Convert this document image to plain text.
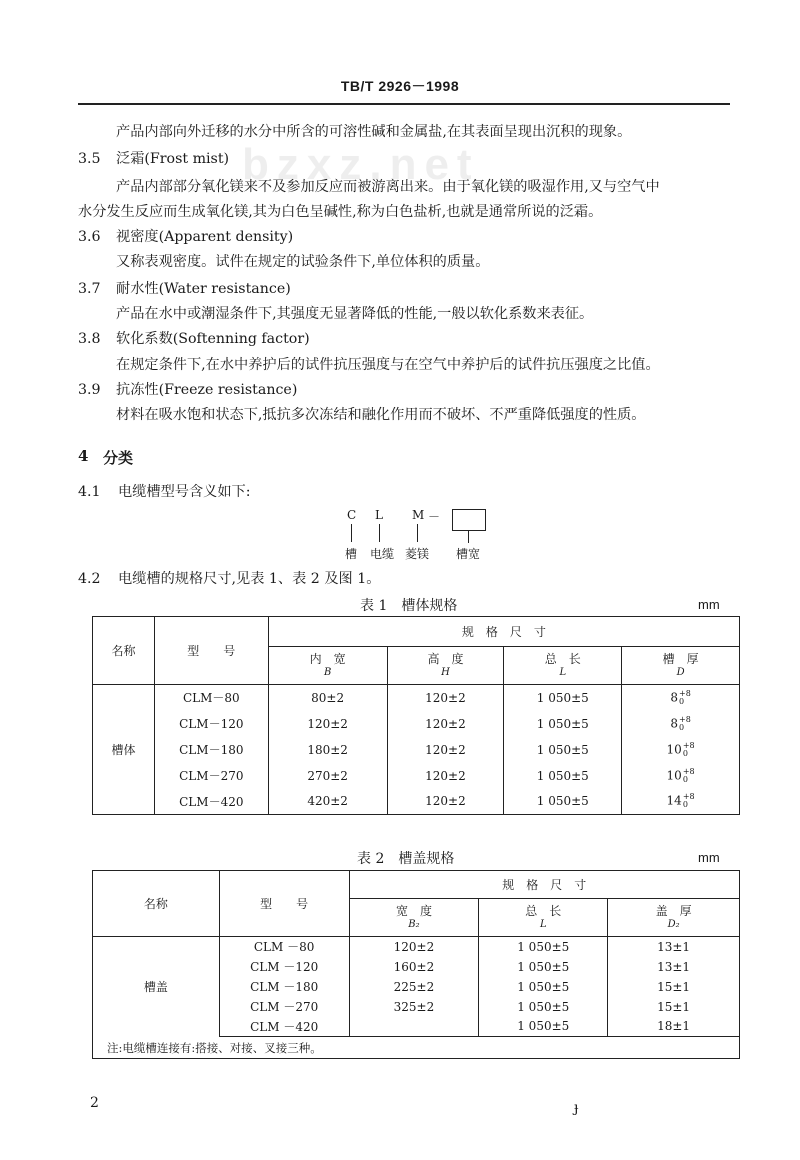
bzxz.net
TB/T 2926－1998
产品内部向外迁移的水分中所含的可溶性碱和金属盐,在其表面呈现出沉积的现象。
3.5 泛霜(Frost mist)
产品内部部分氧化镁来不及参加反应而被游离出来。由于氧化镁的吸湿作用,又与空气中
水分发生反应而生成氧化镁,其为白色呈碱性,称为白色盐析,也就是通常所说的泛霜。
3.6 视密度(Apparent density)
又称表观密度。试件在规定的试验条件下,单位体积的质量。
3.7 耐水性(Water resistance)
产品在水中或潮湿条件下,其强度无显著降低的性能,一般以软化系数来表征。
3.8 软化系数(Softenning factor)
在规定条件下,在水中养护后的试件抗压强度与在空气中养护后的试件抗压强度之比值。
3.9 抗冻性(Freeze resistance)
材料在吸水饱和状态下,抵抗多次冻结和融化作用而不破坏、不严重降低强度的性质。
4 分类
4.1 电缆槽型号含义如下:
C L M －
槽 电缆 菱镁 槽宽
4.2 电缆槽的规格尺寸,见表 1、表 2 及图 1。
表 1　槽体规格	mm
名称	型　　号	规　格　尺　寸			

		内　宽
B	高　度
H	总　长
L	槽　厚
D

槽体	CLM－80	80±2	120±2	1 050±5	8 +8
0

	CLM－120	120±2	120±2	1 050±5	8 +8
0

	CLM－180	180±2	120±2	1 050±5	10 +8
0

	CLM－270	270±2	120±2	1 050±5	10 +8
0

	CLM－420	420±2	120±2	1 050±5	14 +8
0
表 2　槽盖规格	mm
名称	型　　号	规　格　尺　寸		

		宽　度
B₂	总　长
L	盖　厚
D₂

槽盖	CLM －80	120±2	1 050±5	13±1
	CLM －120	160±2	1 050±5	13±1
	CLM －180	225±2	1 050±5	15±1
	CLM －270	325±2	1 050±5	15±1
	CLM －420		1 050±5	18±1
注:电缆槽连接有:搭接、对接、叉接三种。				
2	ɟ
